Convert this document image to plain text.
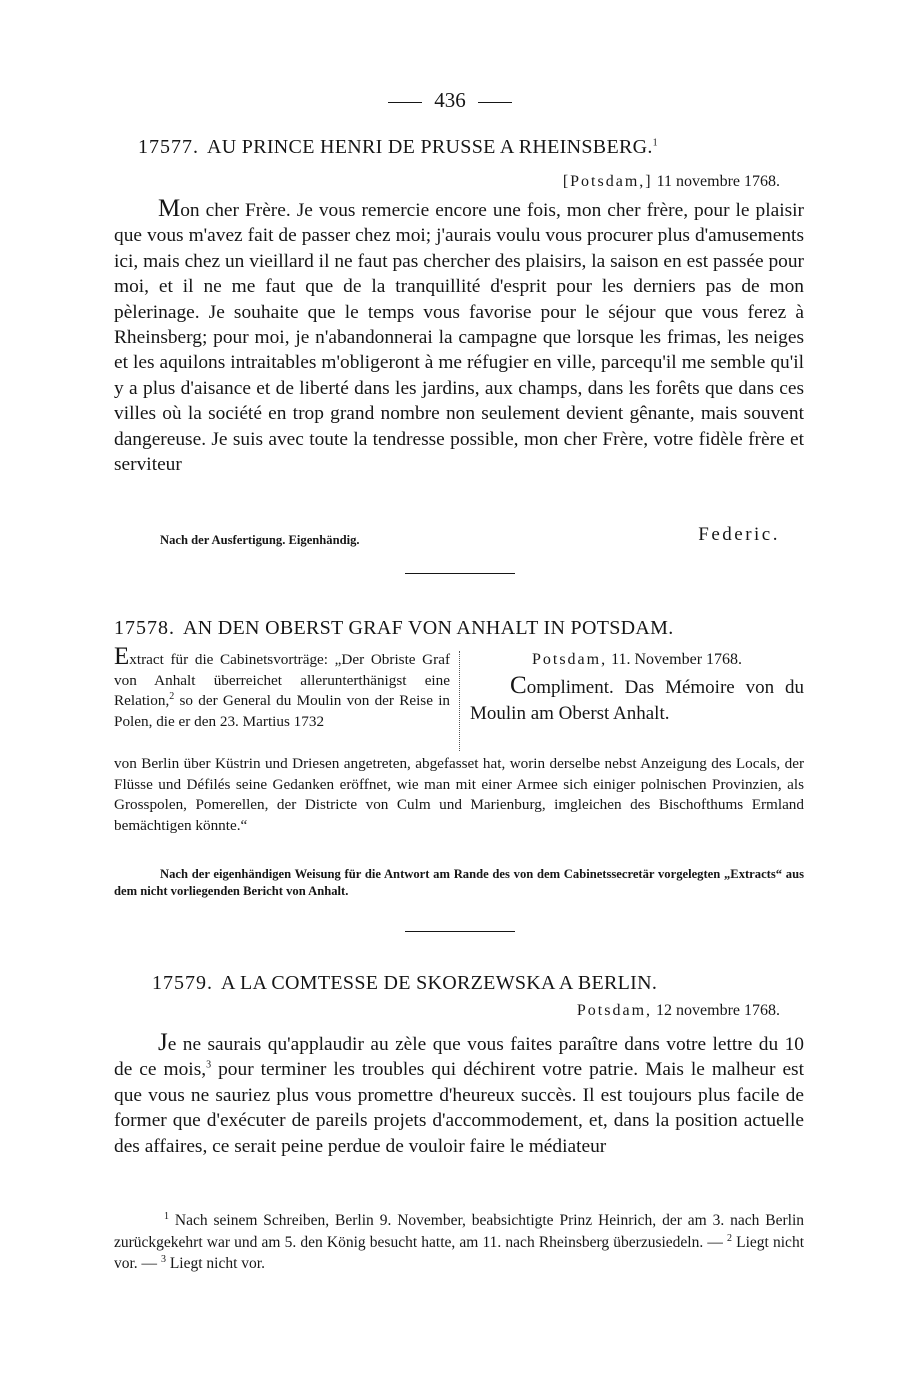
436
17577. AU PRINCE HENRI DE PRUSSE A RHEINSBERG.$^1$
[Potsdam,] 11 novembre 1768.
Mon cher Frère. Je vous remercie encore une fois, mon cher frère, pour le plaisir que vous m'avez fait de passer chez moi; j'aurais voulu vous procurer plus d'amusements ici, mais chez un vieillard il ne faut pas chercher des plaisirs, la saison en est passée pour moi, et il ne me faut que de la tranquillité d'esprit pour les derniers pas de mon pèlerinage. Je souhaite que le temps vous favorise pour le séjour que vous ferez à Rheinsberg; pour moi, je n'abandonnerai la campagne que lorsque les frimas, les neiges et les aquilons intraitables m'obligeront à me réfugier en ville, parcequ'il me semble qu'il y a plus d'aisance et de liberté dans les jardins, aux champs, dans les forêts que dans ces villes où la société en trop grand nombre non seulement devient gênante, mais souvent dangereuse. Je suis avec toute la tendresse possible, mon cher Frère, votre fidèle frère et serviteur
Nach der Ausfertigung. Eigenhändig.	Federic.
17578. AN DEN OBERST GRAF VON ANHALT IN POTSDAM.
Extract für die Cabinetsvorträge: „Der Obriste Graf von Anhalt überreichet allerunterthänigst eine Relation,$^2$ so der General du Moulin von der Reise in Polen, die er den 23. Martius 1732
Potsdam, 11. November 1768.
Compliment. Das Mémoire von du Moulin am Oberst Anhalt.
von Berlin über Küstrin und Driesen angetreten, abgefasset hat, worin derselbe nebst Anzeigung des Locals, der Flüsse und Défilés seine Gedanken eröffnet, wie man mit einer Armee sich einiger polnischen Provinzien, als Grosspolen, Pomerellen, der Districte von Culm und Marienburg, imgleichen des Bischofthums Ermland bemächtigen könnte.“
Nach der eigenhändigen Weisung für die Antwort am Rande des von dem Cabinetssecretär vorgelegten „Extracts“ aus dem nicht vorliegenden Bericht von Anhalt.
17579. A LA COMTESSE DE SKORZEWSKA A BERLIN.
Potsdam, 12 novembre 1768.
Je ne saurais qu'applaudir au zèle que vous faites paraître dans votre lettre du 10 de ce mois,$^3$ pour terminer les troubles qui déchirent votre patrie. Mais le malheur est que vous ne sauriez plus vous promettre d'heureux succès. Il est toujours plus facile de former que d'exécuter de pareils projets d'accommodement, et, dans la position actuelle des affaires, ce serait peine perdue de vouloir faire le médiateur
$^1$ Nach seinem Schreiben, Berlin 9. November, beabsichtigte Prinz Heinrich, der am 3. nach Berlin zurückgekehrt war und am 5. den König besucht hatte, am 11. nach Rheinsberg überzusiedeln. — $^2$ Liegt nicht vor. — $^3$ Liegt nicht vor.
